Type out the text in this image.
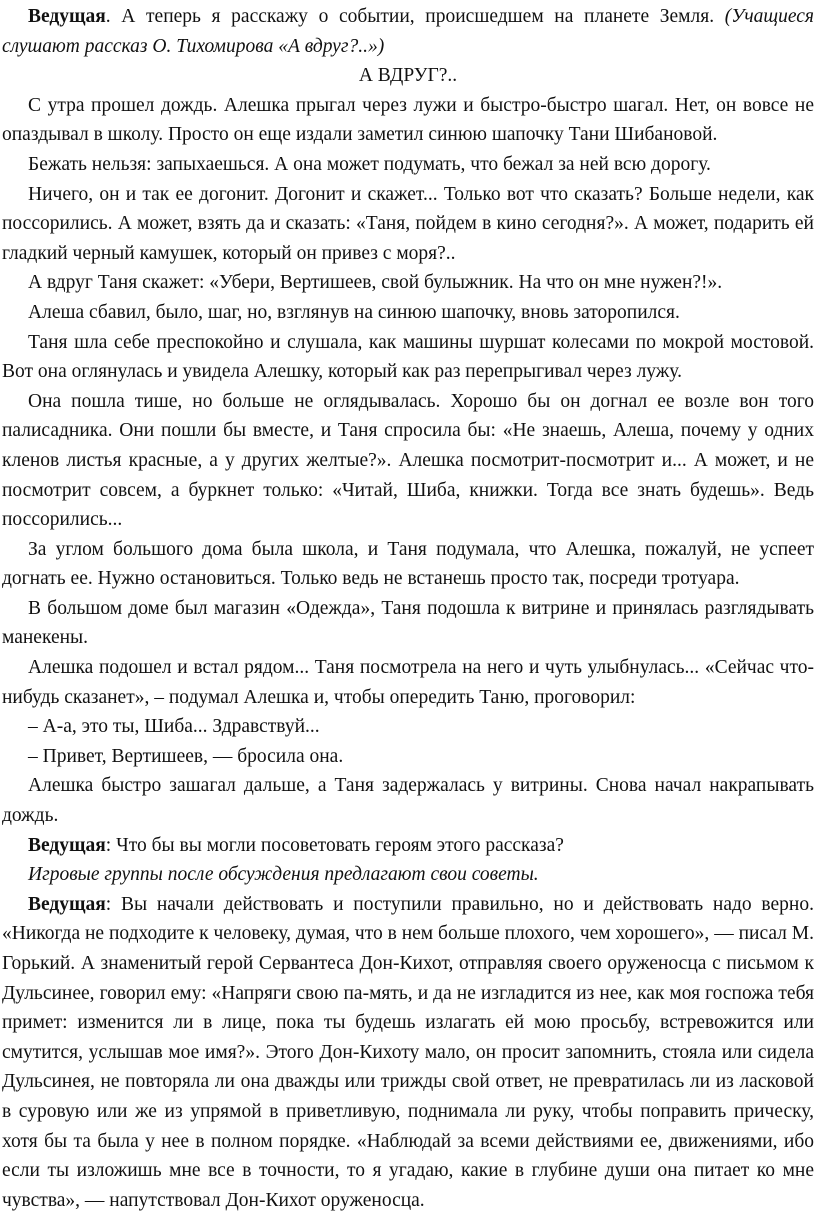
Ведущая. А теперь я расскажу о событии, происшедшем на планете Земля. (Учащиеся слушают рассказ О. Тихомирова «А вдруг?..»)

А ВДРУГ?..

С утра прошел дождь. Алешка прыгал через лужи и быстро-быстро шагал. Нет, он вовсе не опаздывал в школу. Просто он еще издали заметил синюю шапочку Тани Шибановой.

Бежать нельзя: запыхаешься. А она может подумать, что бежал за ней всю дорогу.

Ничего, он и так ее догонит. Догонит и скажет... Только вот что сказать? Больше недели, как поссорились. А может, взять да и сказать: «Таня, пойдем в кино сегодня?». А может, подарить ей гладкий черный камушек, который он привез с моря?..

А вдруг Таня скажет: «Убери, Вертишеев, свой булыжник. На что он мне нужен?!».

Алеша сбавил, было, шаг, но, взглянув на синюю шапочку, вновь заторопился.

Таня шла себе преспокойно и слушала, как машины шуршат колесами по мокрой мостовой. Вот она оглянулась и увидела Алешку, который как раз перепрыгивал через лужу.

Она пошла тише, но больше не оглядывалась. Хорошо бы он догнал ее возле вон того палисадника. Они пошли бы вместе, и Таня спросила бы: «Не знаешь, Алеша, почему у одних кленов листья красные, а у других желтые?». Алешка посмотрит-посмотрит и... А может, и не посмотрит совсем, а буркнет только: «Читай, Шиба, книжки. Тогда все знать будешь». Ведь поссорились...

За углом большого дома была школа, и Таня подумала, что Алешка, пожалуй, не успеет догнать ее. Нужно остановиться. Только ведь не встанешь просто так, посреди тротуара.

В большом доме был магазин «Одежда», Таня подошла к витрине и принялась разглядывать манекены.

Алешка подошел и встал рядом... Таня посмотрела на него и чуть улыбнулась... «Сейчас что-нибудь сказанет», – подумал Алешка и, чтобы опередить Таню, проговорил:

– А-а, это ты, Шиба... Здравствуй...

– Привет, Вертишеев, — бросила она.

Алешка быстро зашагал дальше, а Таня задержалась у витрины. Снова начал накрапывать дождь.

Ведущая: Что бы вы могли посоветовать героям этого рассказа?

Игровые группы после обсуждения предлагают свои советы.

Ведущая: Вы начали действовать и поступили правильно, но и действовать надо верно. «Никогда не подходите к человеку, думая, что в нем больше плохого, чем хорошего», — писал М. Горький. А знаменитый герой Сервантеса Дон-Кихот, отправляя своего оруженосца с письмом к Дульсинее, говорил ему: «Напряги свою па-мять, и да не изгладится из нее, как моя госпожа тебя примет: изменится ли в лице, пока ты будешь излагать ей мою просьбу, встревожится или смутится, услышав мое имя?». Этого Дон-Кихоту мало, он просит запомнить, стояла или сидела Дульсинея, не повторяла ли она дважды или трижды свой ответ, не превратилась ли из ласковой в суровую или же из упрямой в приветливую, поднимала ли руку, чтобы поправить прическу, хотя бы та была у нее в полном порядке. «Наблюдай за всеми действиями ее, движениями, ибо если ты изложишь мне все в точности, то я угадаю, какие в глубине души она питает ко мне чувства», — напутствовал Дон-Кихот оруженосца.
